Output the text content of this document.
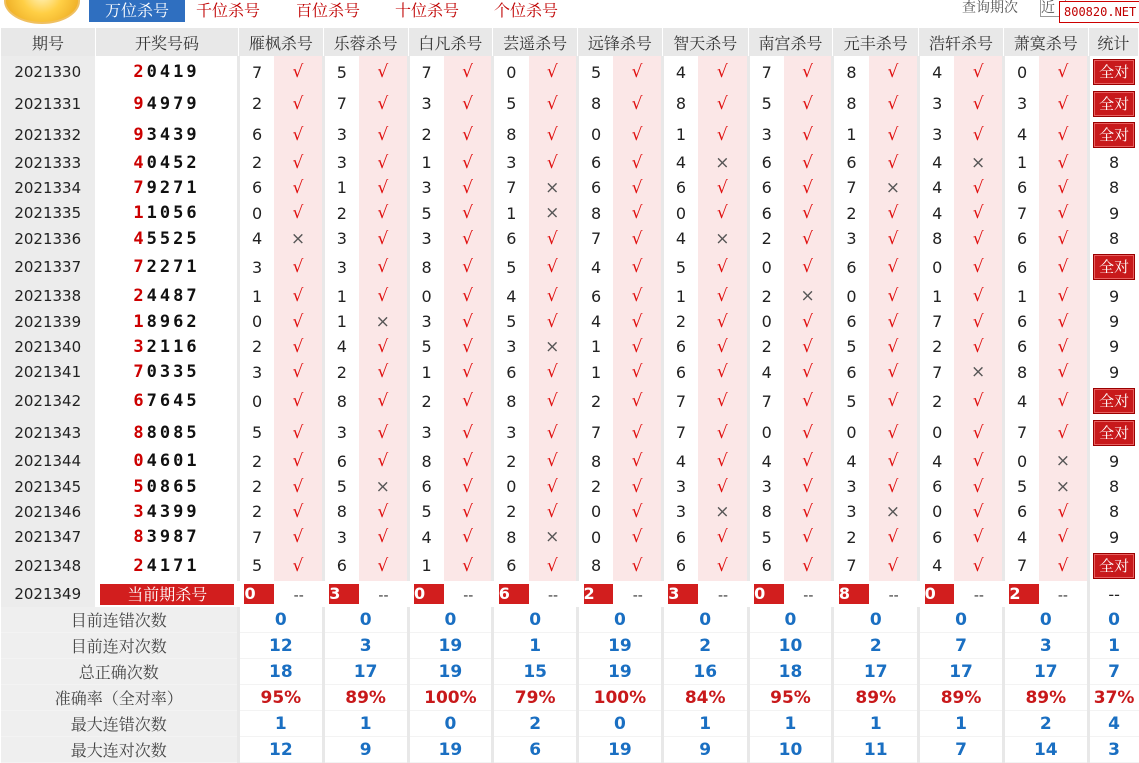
万位杀号	千位杀号 百位杀号 十位杀号 个位杀号	查询期次 近 800820.NET
期号	开奖号码	雁枫杀号		乐蓉杀号		白凡杀号		芸遥杀号		远锋杀号		智天杀号		南宫杀号		元丰杀号		浩轩杀号		萧寞杀号		统计
2021330	20419	7	√	5	√	7	√	0	√	5	√	4	√	7	√	8	√	4	√	0	√	全对
2021331	94979	2	√	7	√	3	√	5	√	8	√	8	√	5	√	8	√	3	√	3	√	全对
2021332	93439	6	√	3	√	2	√	8	√	0	√	1	√	3	√	1	√	3	√	4	√	全对
2021333	40452	2	√	3	√	1	√	3	√	6	√	4	×	6	√	6	√	4	×	1	√	8
2021334	79271	6	√	1	√	3	√	7	×	6	√	6	√	6	√	7	×	4	√	6	√	8
2021335	11056	0	√	2	√	5	√	1	×	8	√	0	√	6	√	2	√	4	√	7	√	9
2021336	45525	4	×	3	√	3	√	6	√	7	√	4	×	2	√	3	√	8	√	6	√	8
2021337	72271	3	√	3	√	8	√	5	√	4	√	5	√	0	√	6	√	0	√	6	√	全对
2021338	24487	1	√	1	√	0	√	4	√	6	√	1	√	2	×	0	√	1	√	1	√	9
2021339	18962	0	√	1	×	3	√	5	√	4	√	2	√	0	√	6	√	7	√	6	√	9
2021340	32116	2	√	4	√	5	√	3	×	1	√	6	√	2	√	5	√	2	√	6	√	9
2021341	70335	3	√	2	√	1	√	6	√	1	√	6	√	4	√	6	√	7	×	8	√	9
2021342	67645	0	√	8	√	2	√	8	√	2	√	7	√	7	√	5	√	2	√	4	√	全对
2021343	88085	5	√	3	√	3	√	3	√	7	√	7	√	0	√	0	√	0	√	7	√	全对
2021344	04601	2	√	6	√	8	√	2	√	8	√	4	√	4	√	4	√	4	√	0	×	9
2021345	50865	2	√	5	×	6	√	0	√	2	√	3	√	3	√	3	√	6	√	5	×	8
2021346	34399	2	√	8	√	5	√	2	√	0	√	3	×	8	√	3	×	0	√	6	√	8
2021347	83987	7	√	3	√	4	√	8	×	0	√	6	√	5	√	2	√	6	√	4	√	9
2021348	24171	5	√	6	√	1	√	6	√	8	√	6	√	6	√	7	√	4	√	7	√	全对
2021349	当前期杀号	0	--	3	--	0	--	6	--	2	--	3	--	0	--	8	--	0	--	2	--	--
目前连错次数		0		0		0		0		0		0		0		0		0		0		0
目前连对次数		12		3		19		1		19		2		10		2		7		3		1
总正确次数		18		17		19		15		19		16		18		17		17		17		7
准确率（全对率）		95%		89%		100%		79%		100%		84%		95%		89%		89%		89%		37%
最大连错次数		1		1		0		2		0		1		1		1		1		2		4
最大连对次数		12		9		19		6		19		9		10		11		7		14		3
